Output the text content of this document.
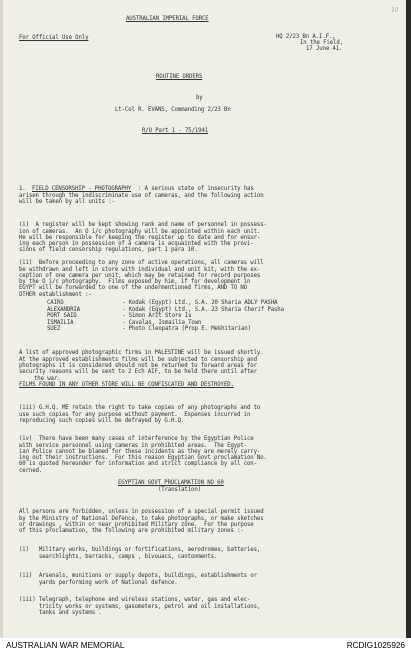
10
AUSTRALIAN IMPERIAL FORCE
For Official Use Only	HQ 2/23 Bn A.I.F.,
In the Field,
17 June 41.
ROUTINE ORDERS
by
Lt-Col R. EVANS, Commanding 2/23 Bn
R/O Part 1 - 75/1941
1. FIELD CENSORSHIP - PHOTOGRAPHY : A serious state of insecurity has
arisen through the indiscriminate use of cameras, and the following action
will be taken by all units :-

(i)  A register will be kept showing rank and name of personnel in possess-
ion of cameras.  An O i/c photography will be appointed within each unit.
He will be responsible for keeping the register up to date and for ensur-
ing each person in possession of a camera is acquainted with the provi-
sions of field censorship regulations, part 1 para 10.

(ii)  Before proceeding to any zone of active operations, all cameras will
be withdrawn and left in store with individual and unit kit, with the ex-
ception of one camera per unit, which may be retained for record purposes
by the O i/c photography.  Films exposed by him, if for development in
EGYPT will be forwarded to one of the undermentioned firms, AND TO NO
OTHER establishment :-
CAIRO	- Kodak (Egypt) Ltd., S.A. 20 Sharia ADLY PASHA
ALEXANDRIA	- Kodak (Egypt) Ltd., S.A. 23 Sharia Cherif Pasha
PORT SAID	- Simon Arzt Store Is
ISMAILIA	- Cavalas, Ismailia Town
SUEZ	- Photo Cleopatra (Prop E. Mekhitarian)

A list of approved photographic firms in PALESTINE will be issued shortly.
At the approved establishments films will be subjected to censorship and
photographs it is considered should not be returned to forward areas for
security reasons will be sent to 2 Ech AIF, to be held there until after
the war.
FILMS FOUND IN ANY OTHER STORE WILL BE CONFISCATED AND DESTROYED.

(iii) G.H.Q. ME retain the right to take copies of any photographs and to
use such copies for any purpose without payment.  Expenses incurred in
reproducing such copies will be defrayed by G.H.Q.

(iv)  There have been many cases of interference by the Egyptian Police
with service personnel using cameras in prohibited areas.  The Egypt-
ian Police cannot be blamed for these incidents as they are merely carry-
ing out their instructions.  For this reason Egyptian Govt proclamation No.
60 is quoted hereunder for information and strict compliance by all con-
cerned.
EGYPTIAN GOVT PROCLAMATION NO 60
(Translation)

All persons are forbidden, unless in possession of a special permit issued
by the Ministry of National Defence, to take photographs, or make sketches
or drawings , within or near prohibited Military zone.  For the purpose
of this proclamation, the following are prohibited military zones :-

(i)   Military works, buildings or fortifications, aerodromes, batteries,
searchlights, barracks, camps , bivouacs, cantonments.

(ii)  Arsenals, munitions or supply depots, buildings, establishments or
yards performing work of National defence.

(iii) Telegraph, telephone and wireless stations, water, gas and elec-
tricity works or systems, gasometers, petrol and oil installations,
tanks and systems .
AUSTRALIAN WAR MEMORIAL	RCDIG1025926
